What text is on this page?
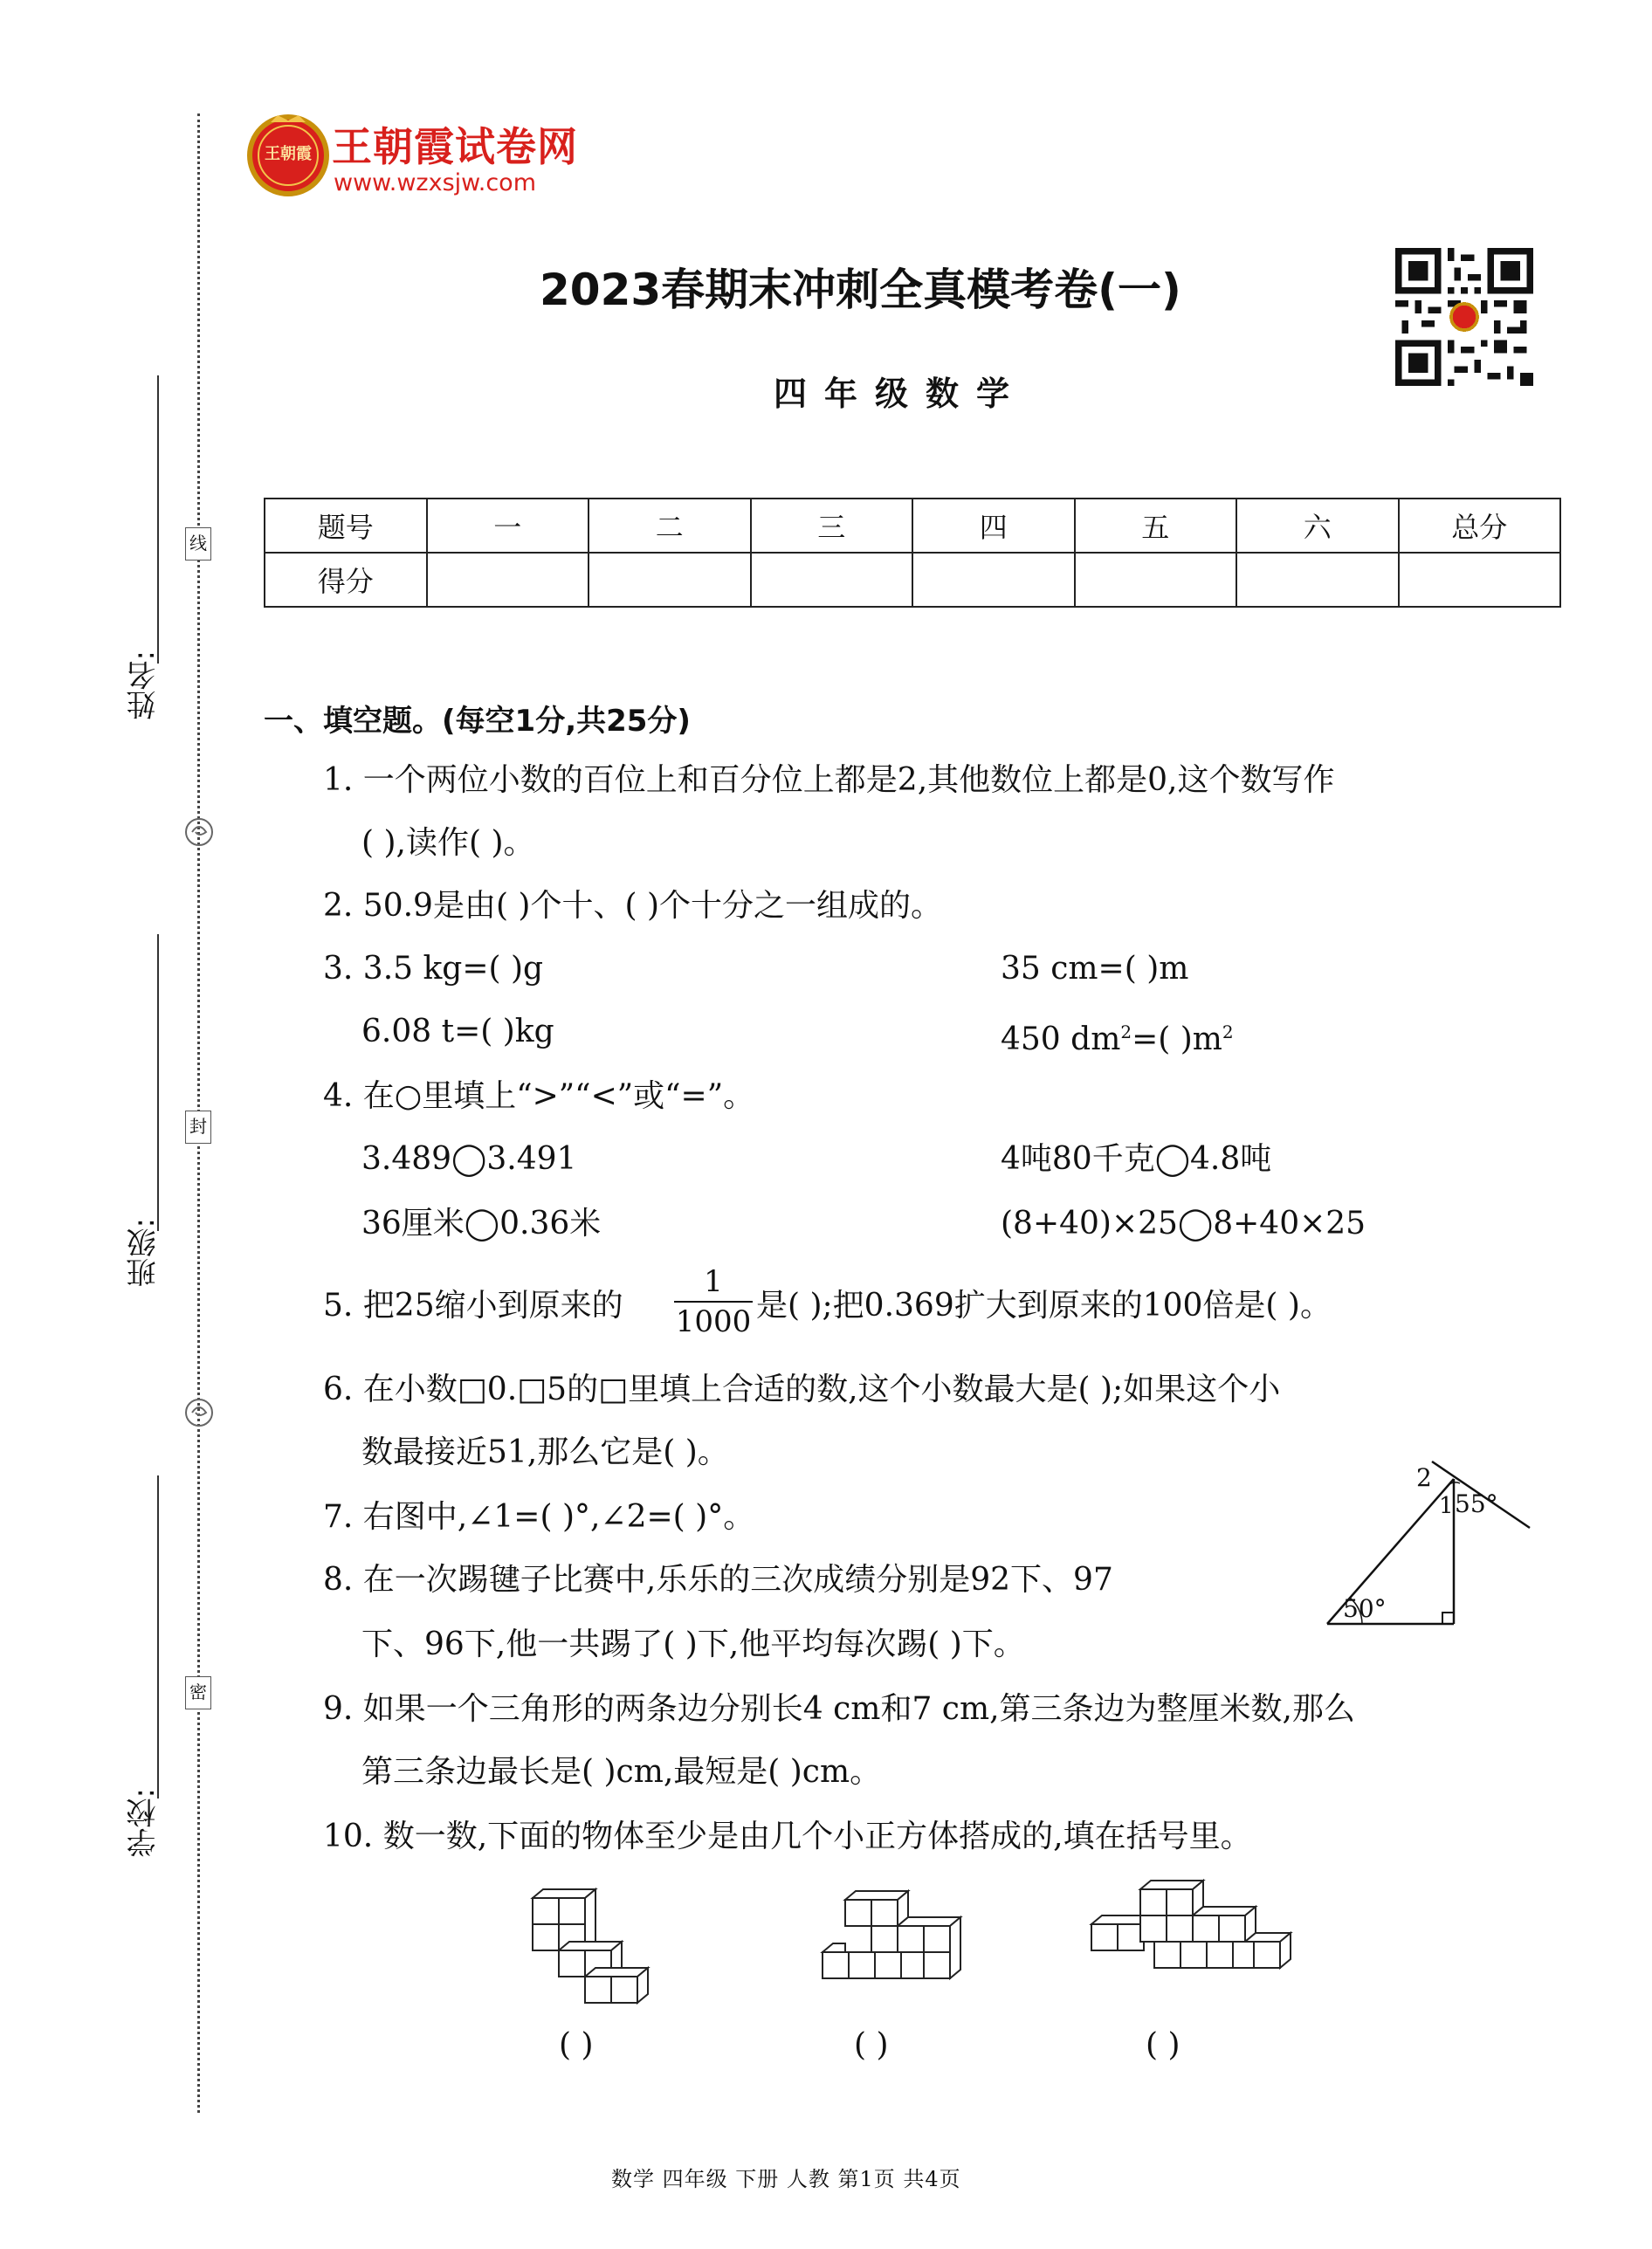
姓名:
班级:
学校:
线
封
密
王朝霞 王朝霞试卷网
www.wzxsjw.com
2023春期末冲刺全真模考卷(一)
四年级数学
题号	一	二	三	四	五	六	总分
得分							
一、填空题。(每空1分,共25分)
1. 一个两位小数的百位上和百分位上都是2,其他数位上都是0,这个数写作
( ),读作( )。
2. 50.9是由( )个十、( )个十分之一组成的。
3. 3.5 kg=( )g	35 cm=( )m
6.08 t=( )kg	450 $dm^2=$( )$m^2$
4. 在○里填上“>”“<”或“=”。
3.489◯3.491	4吨80千克◯4.8吨
36厘米◯0.36米	(8+40)×25◯8+40×25
5. 把25缩小到原来的
1
1000 是( );把0.369扩大到原来的100倍是( )。
6. 在小数□0.□5的□里填上合适的数,这个小数最大是( );如果这个小
数最接近51,那么它是( )。
7. 右图中,∠1=( )°,∠2=( )°。
8. 在一次踢毽子比赛中,乐乐的三次成绩分别是92下、97
下、96下,他一共踢了( )下,他平均每次踢( )下。
9. 如果一个三角形的两条边分别长4 cm和7 cm,第三条边为整厘米数,那么
第三条边最长是( )cm,最短是( )cm。
10. 数一数,下面的物体至少是由几个小正方体搭成的,填在括号里。
2
1 55°
50°
( )	( )	( )
数学 四年级 下册 人教 第1页 共4页
